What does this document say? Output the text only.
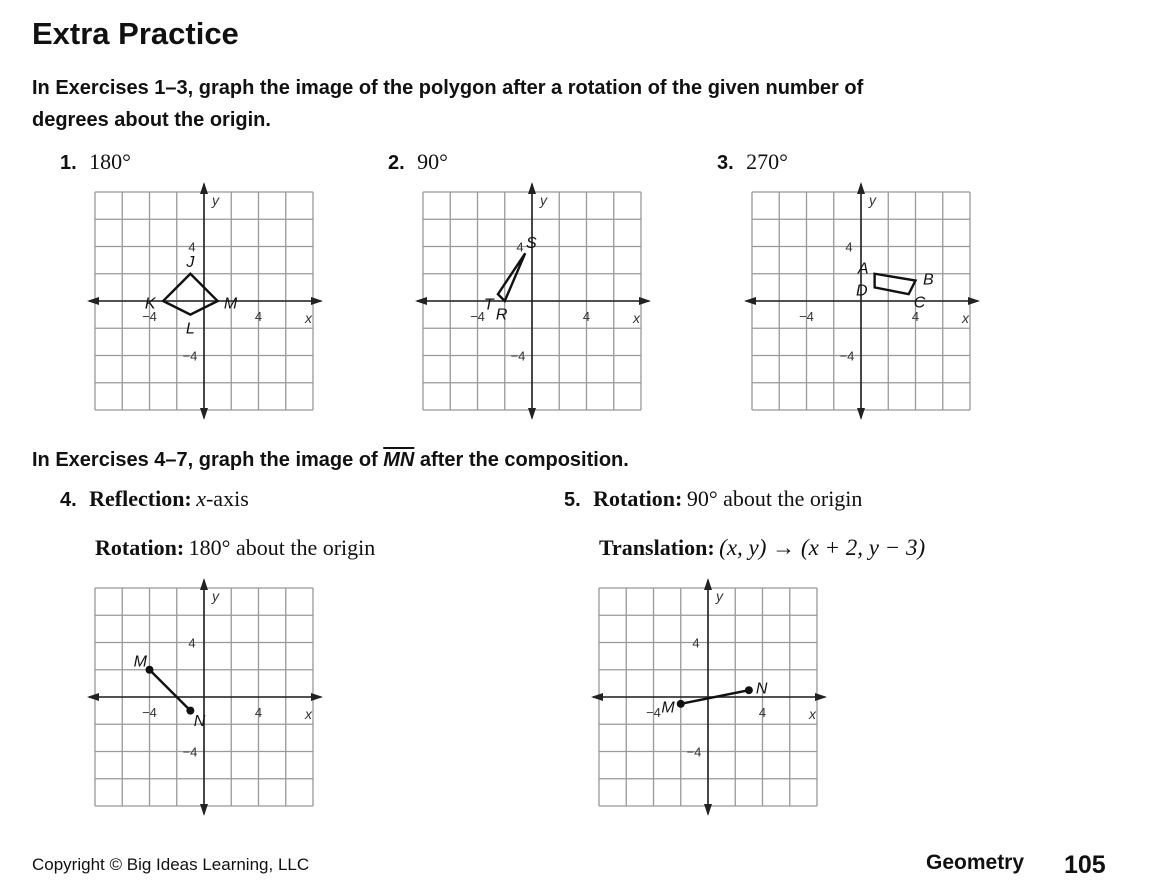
Extra Practice
In Exercises 1–3, graph the image of the polygon after a rotation of the given number of degrees about the origin.
1. 180°	2. 90°	3. 270°
4
−4
4
−4
x
y
J
M
L
K
4
−4
4
−4
x
y
S
R
T
4
−4
4
−4
x
y
A
B
C
D
In Exercises 4–7, graph the image of $\overline{MN}$ after the composition.
4. Reflection: x-axis
Rotation: 180° about the origin
5. Rotation: 90° about the origin
Translation: (x, y) → (x + 2, y − 3)
4
−4
4
−4
x
y
M
N
4
−4
4
−4
x
y
M
N
Copyright © Big Ideas Learning, LLC	Geometry 105
